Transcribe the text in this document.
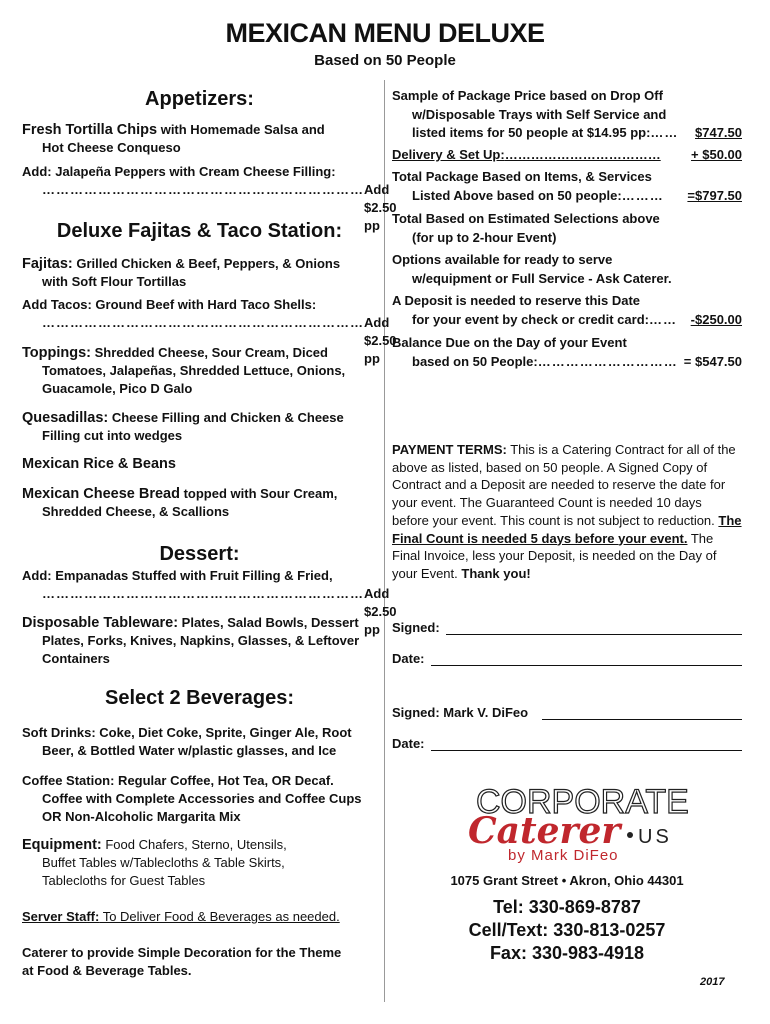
MEXICAN MENU DELUXE
Based on 50 People
Appetizers:
Fresh Tortilla Chips with Homemade Salsa and
Hot Cheese Conqueso
Add: Jalapeña Peppers with Cream Cheese Filling:
…………………………………………………………… Add $2.50 pp
Deluxe Fajitas & Taco Station:
Fajitas: Grilled Chicken & Beef, Peppers, & Onions
with Soft Flour Tortillas
Add Tacos: Ground Beef with Hard Taco Shells:
…………………………………………………………… Add $2.50 pp
Toppings: Shredded Cheese, Sour Cream, Diced
Tomatoes, Jalapeñas, Shredded Lettuce, Onions,
Guacamole, Pico D Galo
Quesadillas: Cheese Filling and Chicken & Cheese
Filling cut into wedges
Mexican Rice & Beans
Mexican Cheese Bread topped with Sour Cream,
Shredded Cheese, & Scallions
Dessert:
Add: Empanadas Stuffed with Fruit Filling & Fried,
…………………………………………………………… Add $2.50 pp
Disposable Tableware: Plates, Salad Bowls, Dessert
Plates, Forks, Knives, Napkins, Glasses, & Leftover
Containers
Select 2 Beverages:
Soft Drinks: Coke, Diet Coke, Sprite, Ginger Ale, Root
Beer, & Bottled Water w/plastic glasses, and Ice
Coffee Station: Regular Coffee, Hot Tea, OR Decaf.
Coffee with Complete Accessories and Coffee Cups
OR Non-Alcoholic Margarita Mix
Equipment: Food Chafers, Sterno, Utensils,
Buffet Tables w/Tablecloths & Table Skirts,
Tablecloths for Guest Tables
Server Staff: To Deliver Food & Beverages as needed.
Caterer to provide Simple Decoration for the Theme
at Food & Beverage Tables.
Sample of Package Price based on Drop Off
w/Disposable Trays with Self Service and
listed items for 50 people at $14.95 pp: ……	$747.50
Delivery & Set Up: ………………………………	+ $50.00
Total Package Based on Items, & Services
Listed Above based on 50 people: ………	=$797.50
Total Based on Estimated Selections above
(for up to 2-hour Event)
Options available for ready to serve
w/equipment or Full Service - Ask Caterer.
A Deposit is needed to reserve this Date
for your event by check or credit card: ……	-$250.00
Balance Due on the Day of your Event
based on 50 People: ………………………… = $547.50
PAYMENT TERMS: This is a Catering Contract for all of the above as listed, based on 50 people. A Signed Copy of Contract and a Deposit are needed to reserve the date for your event. The Guaranteed Count is needed 10 days before your event. This count is not subject to reduction. The Final Count is needed 5 days before your event. The Final Invoice, less your Deposit, is needed on the Day of your Event. Thank you!
Signed:
Date:
Signed: Mark V. DiFeo
Date:
CORPORATE
Caterer US
by Mark DiFeo
1075 Grant Street • Akron, Ohio 44301
Tel: 330-869-8787
Cell/Text: 330-813-0257
Fax: 330-983-4918
2017
